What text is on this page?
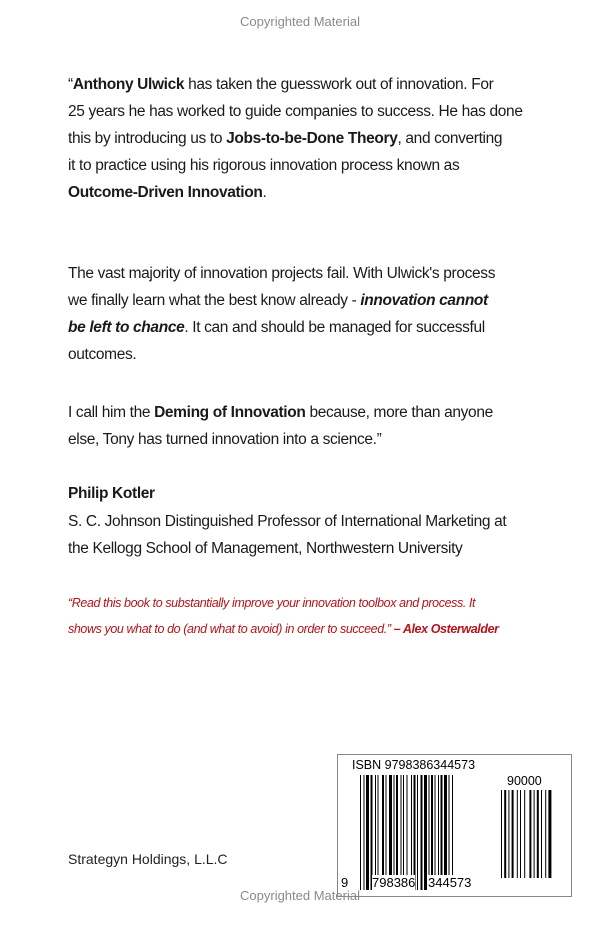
Copyrighted Material
“Anthony Ulwick has taken the guesswork out of innovation. For
25 years he has worked to guide companies to success. He has done
this by introducing us to Jobs-to-be-Done Theory, and converting
it to practice using his rigorous innovation process known as
Outcome-Driven Innovation.
The vast majority of innovation projects fail. With Ulwick's process
we finally learn what the best know already - innovation cannot
be left to chance. It can and should be managed for successful
outcomes.
I call him the Deming of Innovation because, more than anyone
else, Tony has turned innovation into a science.”
Philip Kotler
S. C. Johnson Distinguished Professor of International Marketing at
the Kellogg School of Management, Northwestern University
“Read this book to substantially improve your innovation toolbox and process. It
shows you what to do (and what to avoid) in order to succeed.” – Alex Osterwalder
Strategyn Holdings, L.L.C
ISBN 9798386344573
90000
9 798386 344573
Copyrighted Material
